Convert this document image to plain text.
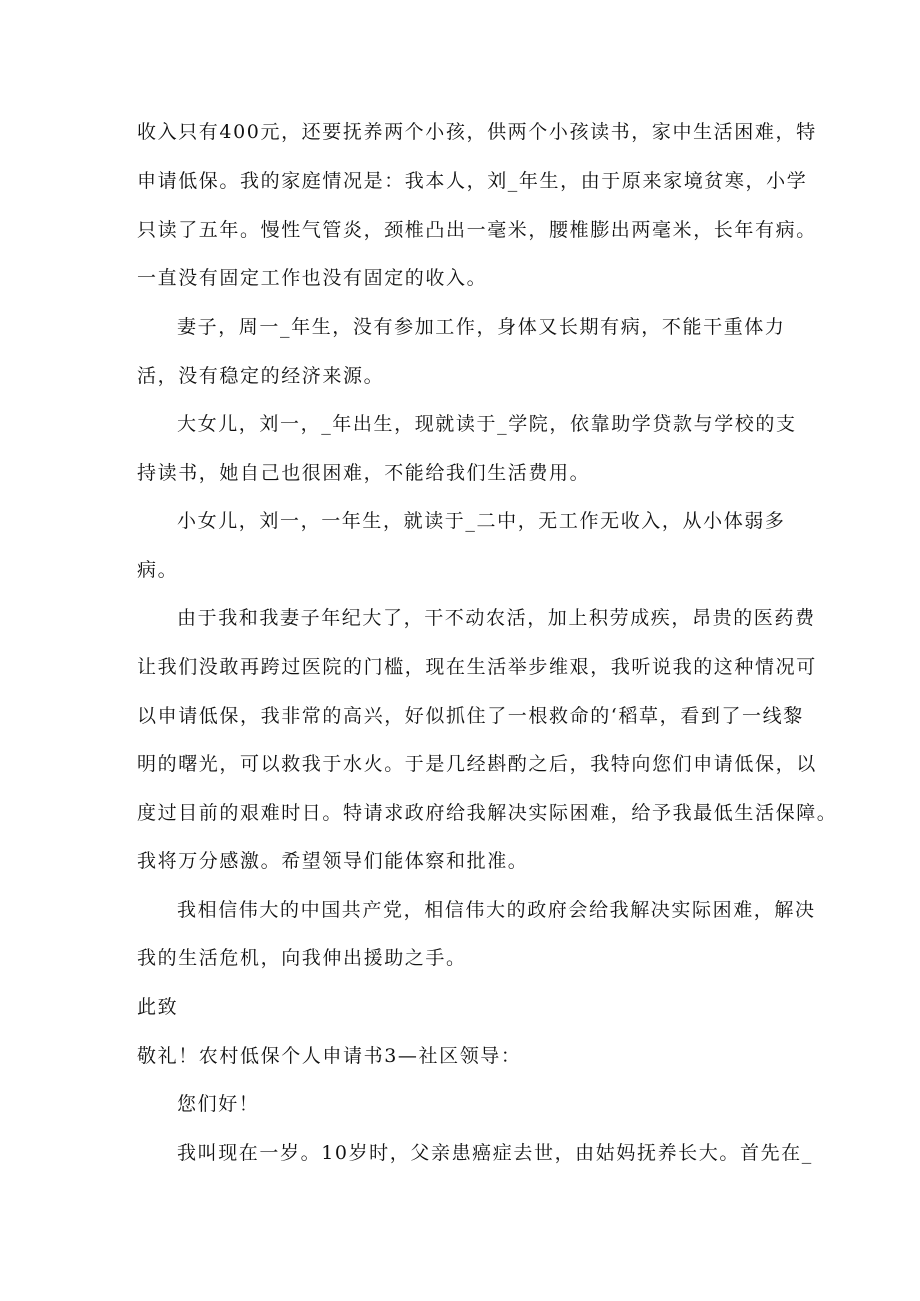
收入只有400元，还要抚养两个小孩，供两个小孩读书，家中生活困难，特
申请低保。我的家庭情况是：我本人，刘_年生，由于原来家境贫寒，小学
只读了五年。慢性气管炎，颈椎凸出一毫米，腰椎膨出两毫米，长年有病。
一直没有固定工作也没有固定的收入。
妻子，周一_年生，没有参加工作，身体又长期有病，不能干重体力
活，没有稳定的经济来源。
大女儿，刘一，_年出生，现就读于_学院，依靠助学贷款与学校的支
持读书，她自己也很困难，不能给我们生活费用。
小女儿，刘一，一年生，就读于_二中，无工作无收入，从小体弱多
病。
由于我和我妻子年纪大了，干不动农活，加上积劳成疾，昂贵的医药费
让我们没敢再跨过医院的门槛，现在生活举步维艰，我听说我的这种情况可
以申请低保，我非常的高兴，好似抓住了一根救命的‘稻草，看到了一线黎
明的曙光，可以救我于水火。于是几经斟酌之后，我特向您们申请低保，以
度过目前的艰难时日。特请求政府给我解决实际困难，给予我最低生活保障。
我将万分感激。希望领导们能体察和批准。
我相信伟大的中国共产党，相信伟大的政府会给我解决实际困难，解决
我的生活危机，向我伸出援助之手。
此致
敬礼！农村低保个人申请书3—社区领导：
您们好！
我叫现在一岁。10岁时，父亲患癌症去世，由姑妈抚养长大。首先在_
